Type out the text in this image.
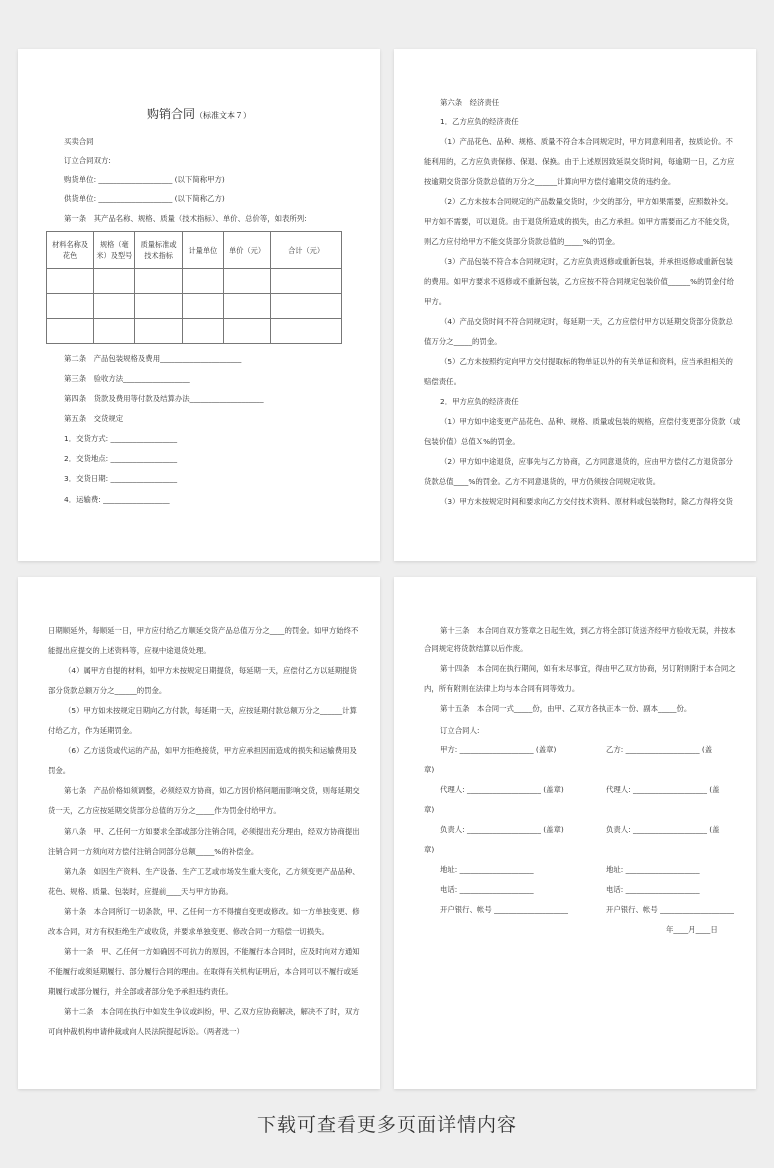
购销合同（标准文本７）
买卖合同
订立合同双方:
购货单位: ____________________ (以下简称甲方)
供货单位: ____________________ (以下简称乙方)
第一条　其产品名称、规格、质量（技术指标）、单价、总价等，如表所列:
材料名称及花色	规格（毫米）及型号	质量标准或技术指标	计量单位	单价（元）	合计（元）

第二条　产品包装规格及费用______________________
第三条　验收方法__________________
第四条　货款及费用等付款及结算办法____________________
第五条　交货规定
1．交货方式: __________________
2．交货地点: __________________
3．交货日期: __________________
4．运输费: __________________
第六条　经济责任
1．乙方应负的经济责任
（1）产品花色、品种、规格、质量不符合本合同规定时，甲方同意利用者，按质论价。不
能利用的，乙方应负责保修、保退、保换。由于上述原因致延误交货时间，每逾期一日，乙方应
按逾期交货部分货款总值的万分之______计算向甲方偿付逾期交货的违约金。
（2）乙方未按本合同规定的产品数量交货时，少交的部分，甲方如果需要，应照数补交。
甲方如不需要，可以退货。由于退货所造成的损失，由乙方承担。如甲方需要而乙方不能交货，
则乙方应付给甲方不能交货部分货款总值的_____%的罚金。
（3）产品包装不符合本合同规定时，乙方应负责返修或重新包装，并承担返修或重新包装
的费用。如甲方要求不返修或不重新包装，乙方应按不符合同规定包装价值______%的罚金付给
甲方。
（4）产品交货时间不符合同规定时，每延期一天，乙方应偿付甲方以延期交货部分货款总
值万分之_____的罚金。
（5）乙方未按照约定向甲方交付提取标的物单证以外的有关单证和资料，应当承担相关的
赔偿责任。
2．甲方应负的经济责任
（1）甲方如中途变更产品花色、品种、规格、质量或包装的规格，应偿付变更部分货款（或
包装价值）总值Ｘ%的罚金。
（2）甲方如中途退货，应事先与乙方协商，乙方同意退货的，应由甲方偿付乙方退货部分
货款总值____%的罚金。乙方不同意退货的，甲方仍须按合同规定收货。
（3）甲方未按规定时间和要求向乙方交付技术资料、原材料或包装物时，除乙方得将交货
日期顺延外，每顺延一日，甲方应付给乙方顺延交货产品总值万分之____的罚金。如甲方始终不
能提出应提交的上述资料等，应视中途退货处理。
（4）属甲方自提的材料，如甲方未按规定日期提货，每延期一天，应偿付乙方以延期提货
部分货款总额万分之______的罚金。
（5）甲方如未按规定日期向乙方付款，每延期一天，应按延期付款总额万分之______计算
付给乙方，作为延期罚金。
（6）乙方送货或代运的产品，如甲方拒绝接货，甲方应承担因而造成的损失和运输费用及
罚金。
第七条　产品价格如须调整，必须经双方协商，如乙方因价格问题而影响交货，则每延期交
货一天，乙方应按延期交货部分总值的万分之_____作为罚金付给甲方。
第八条　甲、乙任何一方如要求全部或部分注销合同，必须提出充分理由，经双方协商提出
注销合同一方须向对方偿付注销合同部分总额_____%的补偿金。
第九条　如因生产资料、生产设备、生产工艺或市场发生重大变化，乙方须变更产品品种、
花色、规格、质量、包装时，应提前____天与甲方协商。
第十条　本合同所订一切条款，甲、乙任何一方不得擅自变更或修改。如一方单独变更、修
改本合同，对方有权拒绝生产或收货，并要求单独变更、修改合同一方赔偿一切损失。
第十一条　甲、乙任何一方如确因不可抗力的原因，不能履行本合同时，应及时向对方通知
不能履行或须延期履行、部分履行合同的理由。在取得有关机构证明后，本合同可以不履行或延
期履行或部分履行，并全部或者部分免予承担违约责任。
第十二条　本合同在执行中如发生争议或纠纷，甲、乙双方应协商解决，解决不了时，双方
可向仲裁机构申请仲裁或向人民法院提起诉讼。（两者选一）
第十三条　本合同自双方签章之日起生效，到乙方将全部订货送齐经甲方验收无误，并按本
合同规定将货款结算以后作废。
第十四条　本合同在执行期间，如有未尽事宜，得由甲乙双方协商，另订附则附于本合同之
内，所有附则在法律上均与本合同有同等效力。
第十五条　本合同一式_____份，由甲、乙双方各执正本一份、副本_____份。
订立合同人:
甲方: ____________________ (盖章)	乙方: ____________________ (盖
章)
代理人: ____________________ (盖章)	代理人: ____________________ (盖
章)
负责人: ____________________ (盖章)	负责人: ____________________ (盖
章)
地址: ____________________	地址: ____________________
电话: ____________________	电话: ____________________
开户银行、帐号 ____________________	开户银行、帐号 ____________________
年____月____日
下载可查看更多页面详情内容
